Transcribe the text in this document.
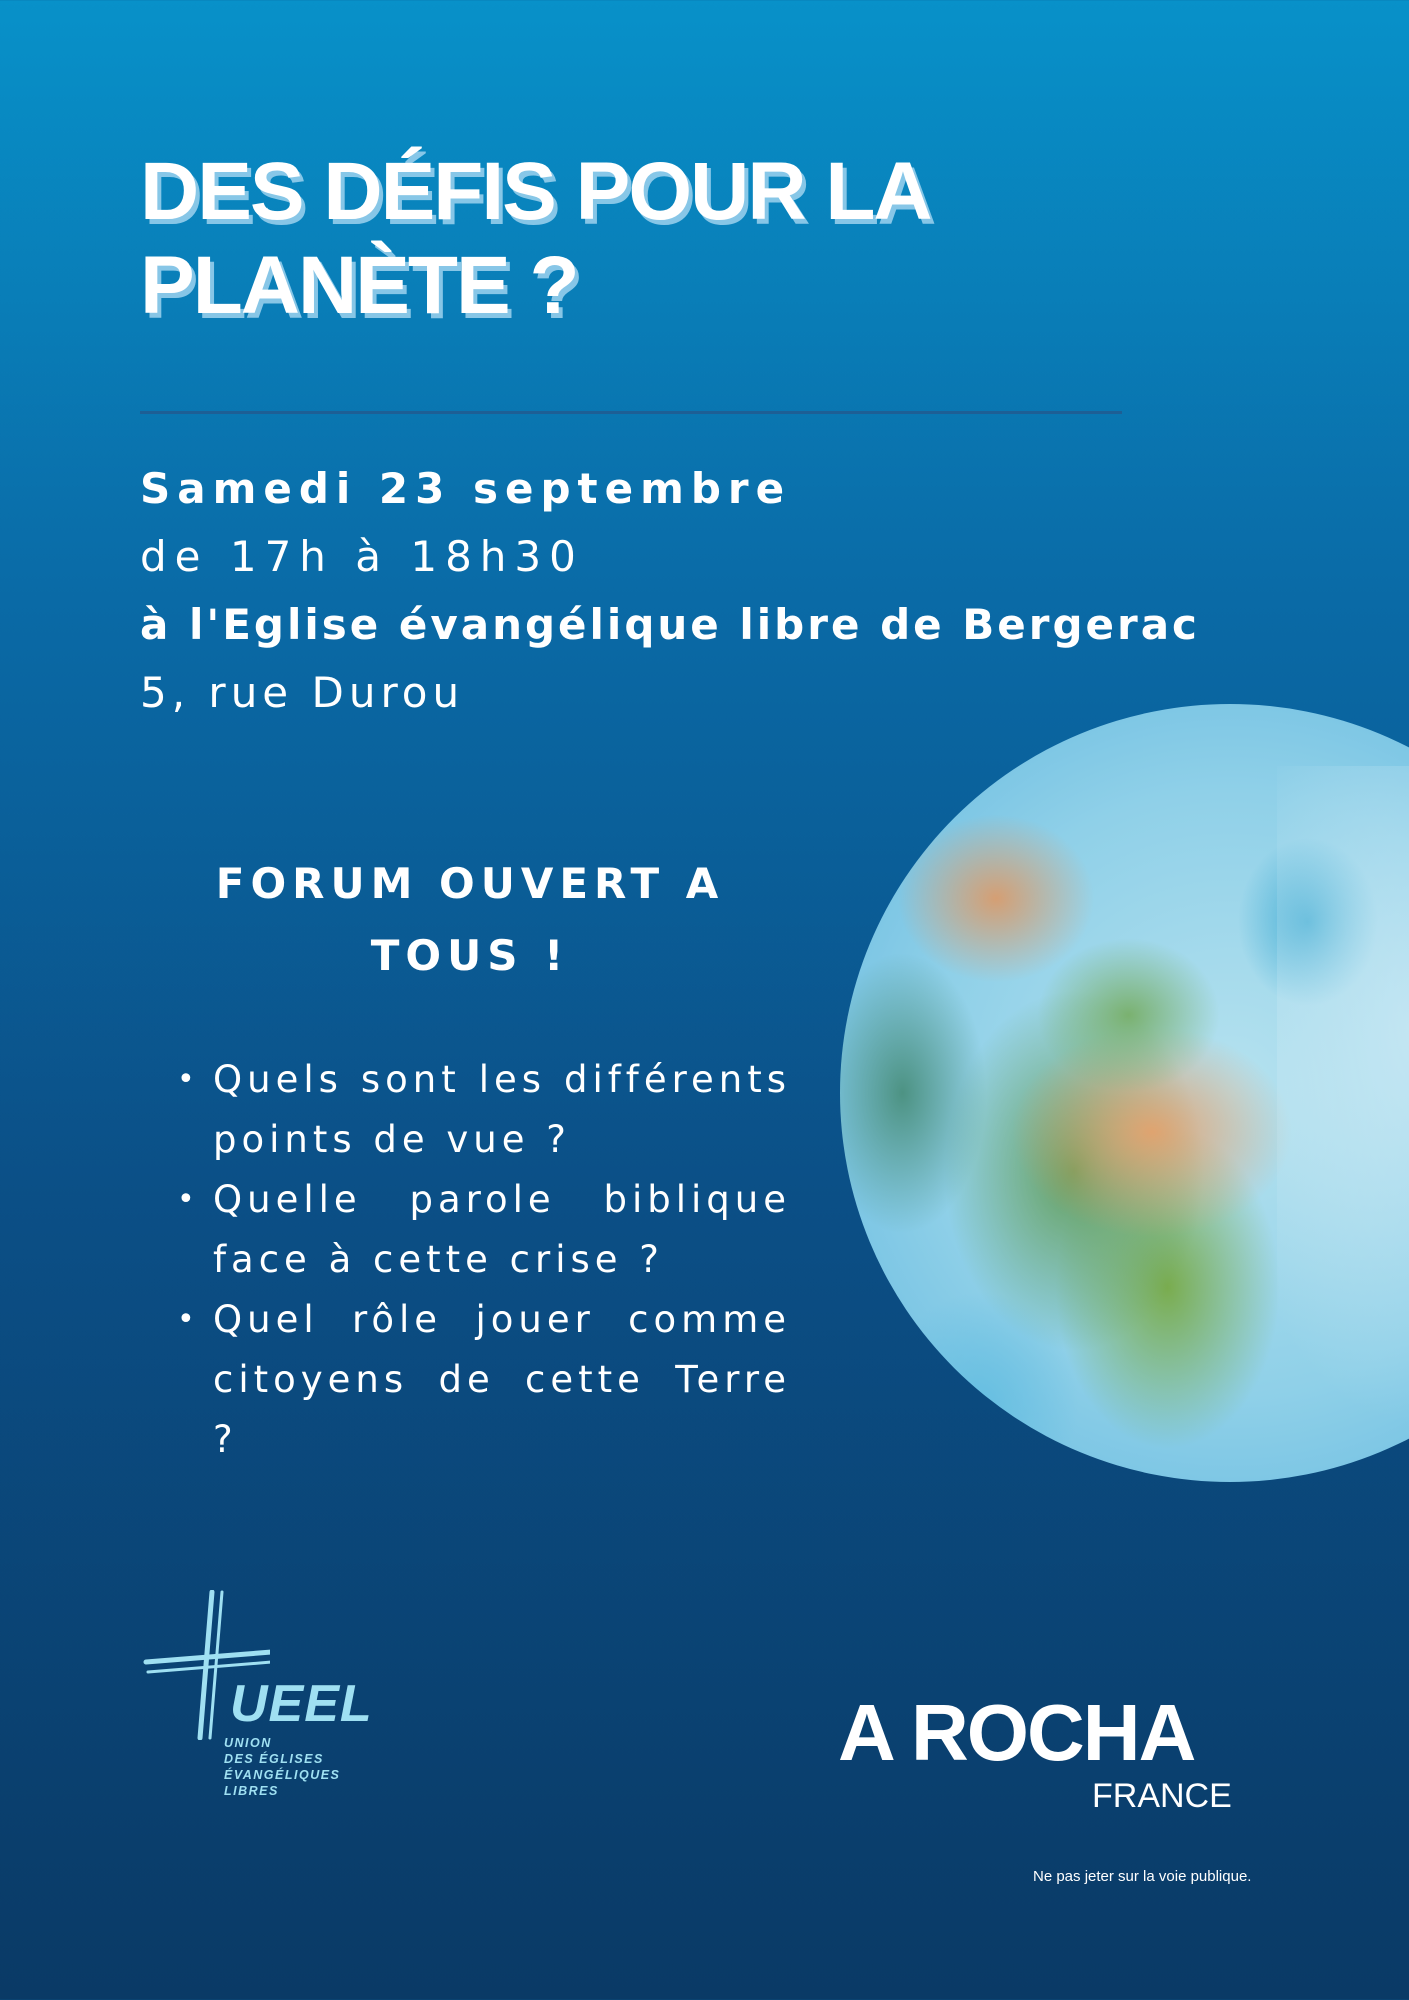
DES DÉFIS POUR LA
PLANÈTE ?
Samedi 23 septembre
de 17h à 18h30
à l'Eglise évangélique libre de Bergerac
5, rue Durou
FORUM OUVERT A
TOUS !
• Quels sont les différents points de vue ?
• Quelle parole biblique face à cette crise ?
• Quel rôle jouer comme citoyens de cette Terre ?
UEEL
UNION
DES ÉGLISES
ÉVANGÉLIQUES
LIBRES
A ROCHA
FRANCE
Ne pas jeter sur la voie publique.
